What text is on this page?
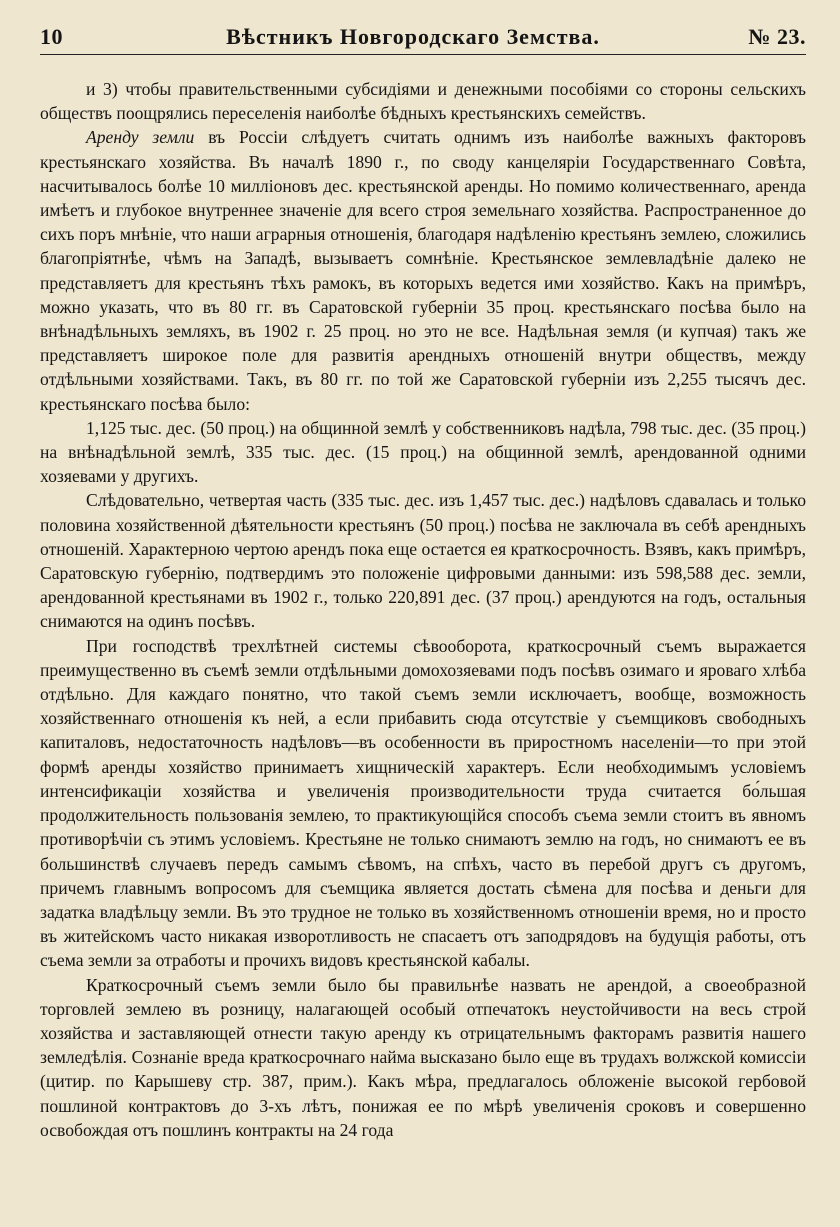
10	Вѣстникъ Новгородскаго Земства.	№ 23.

и 3) чтобы правительственными субсидіями и денежными пособіями со стороны сельскихъ обществъ поощрялись переселенія наиболѣе бѣдныхъ крестьянскихъ семействъ.

Аренду земли въ Россіи слѣдуетъ считать однимъ изъ наиболѣе важныхъ факторовъ крестьянскаго хозяйства. Въ началѣ 1890 г., по своду канцеляріи Государственнаго Совѣта, насчитывалось болѣе 10 милліоновъ дес. крестьянской аренды. Но помимо количественнаго, аренда имѣетъ и глубокое внутреннее значеніе для всего строя земельнаго хозяйства. Распространенное до сихъ поръ мнѣніе, что наши аграрныя отношенія, благодаря надѣленію крестьянъ землею, сложились благопріятнѣе, чѣмъ на Западѣ, вызываетъ сомнѣніе. Крестьянское землевладѣніе далеко не представляетъ для крестьянъ тѣхъ рамокъ, въ которыхъ ведется ими хозяйство. Какъ на примѣръ, можно указать, что въ 80 гг. въ Саратовской губерніи 35 проц. крестьянскаго посѣва было на внѣнадѣльныхъ земляхъ, въ 1902 г. 25 проц. но это не все. Надѣльная земля (и купчая) такъ же представляетъ широкое поле для развитія арендныхъ отношеній внутри обществъ, между отдѣльными хозяйствами. Такъ, въ 80 гг. по той же Саратовской губерніи изъ 2,255 тысячъ дес. крестьянскаго посѣва было:

1,125 тыс. дес. (50 проц.) на общинной землѣ у собственниковъ надѣла, 798 тыс. дес. (35 проц.) на внѣнадѣльной землѣ, 335 тыс. дес. (15 проц.) на общинной землѣ, арендованной одними хозяевами у другихъ.

Слѣдовательно, четвертая часть (335 тыс. дес. изъ 1,457 тыс. дес.) надѣловъ сдавалась и только половина хозяйственной дѣятельности крестьянъ (50 проц.) посѣва не заключала въ себѣ арендныхъ отношеній. Характерною чертою арендъ пока еще остается ея краткосрочность. Взявъ, какъ примѣръ, Саратовскую губернію, подтвердимъ это положеніе цифровыми данными: изъ 598,588 дес. земли, арендованной крестьянами въ 1902 г., только 220,891 дес. (37 проц.) арендуются на годъ, остальныя снимаются на одинъ посѣвъ.

При господствѣ трехлѣтней системы сѣвооборота, краткосрочный съемъ выражается преимущественно въ съемѣ земли отдѣльными домохозяевами подъ посѣвъ озимаго и яроваго хлѣба отдѣльно. Для каждаго понятно, что такой съемъ земли исключаетъ, вообще, возможность хозяйственнаго отношенія къ ней, а если прибавить сюда отсутствіе у съемщиковъ свободныхъ капиталовъ, недостаточность надѣловъ—въ особенности въ приростномъ населеніи—то при этой формѣ аренды хозяйство принимаетъ хищническій характеръ. Если необходимымъ условіемъ интенсификаціи хозяйства и увеличенія производительности труда считается бо́льшая продолжительность пользованія землею, то практикующійся способъ съема земли стоитъ въ явномъ противорѣчіи съ этимъ условіемъ. Крестьяне не только снимаютъ землю на годъ, но снимаютъ ее въ большинствѣ случаевъ передъ самымъ сѣвомъ, на спѣхъ, часто въ перебой другъ съ другомъ, причемъ главнымъ вопросомъ для съемщика является достать сѣмена для посѣва и деньги для задатка владѣльцу земли. Въ это трудное не только въ хозяйственномъ отношеніи время, но и просто въ житейскомъ часто никакая изворотливость не спасаетъ отъ заподрядовъ на будущія работы, отъ съема земли за отработы и прочихъ видовъ крестьянской кабалы.

Краткосрочный съемъ земли было бы правильнѣе назвать не арендой, а своеобразной торговлей землею въ розницу, налагающей особый отпечатокъ неустойчивости на весь строй хозяйства и заставляющей отнести такую аренду къ отрицательнымъ факторамъ развитія нашего земледѣлія. Сознаніе вреда краткосрочнаго найма высказано было еще въ трудахъ волжской комиссіи (цитир. по Карышеву стр. 387, прим.). Какъ мѣра, предлагалось обложеніе высокой гербовой пошлиной контрактовъ до 3-хъ лѣтъ, понижая ее по мѣрѣ увеличенія сроковъ и совершенно освобождая отъ пошлинъ контракты на 24 года
